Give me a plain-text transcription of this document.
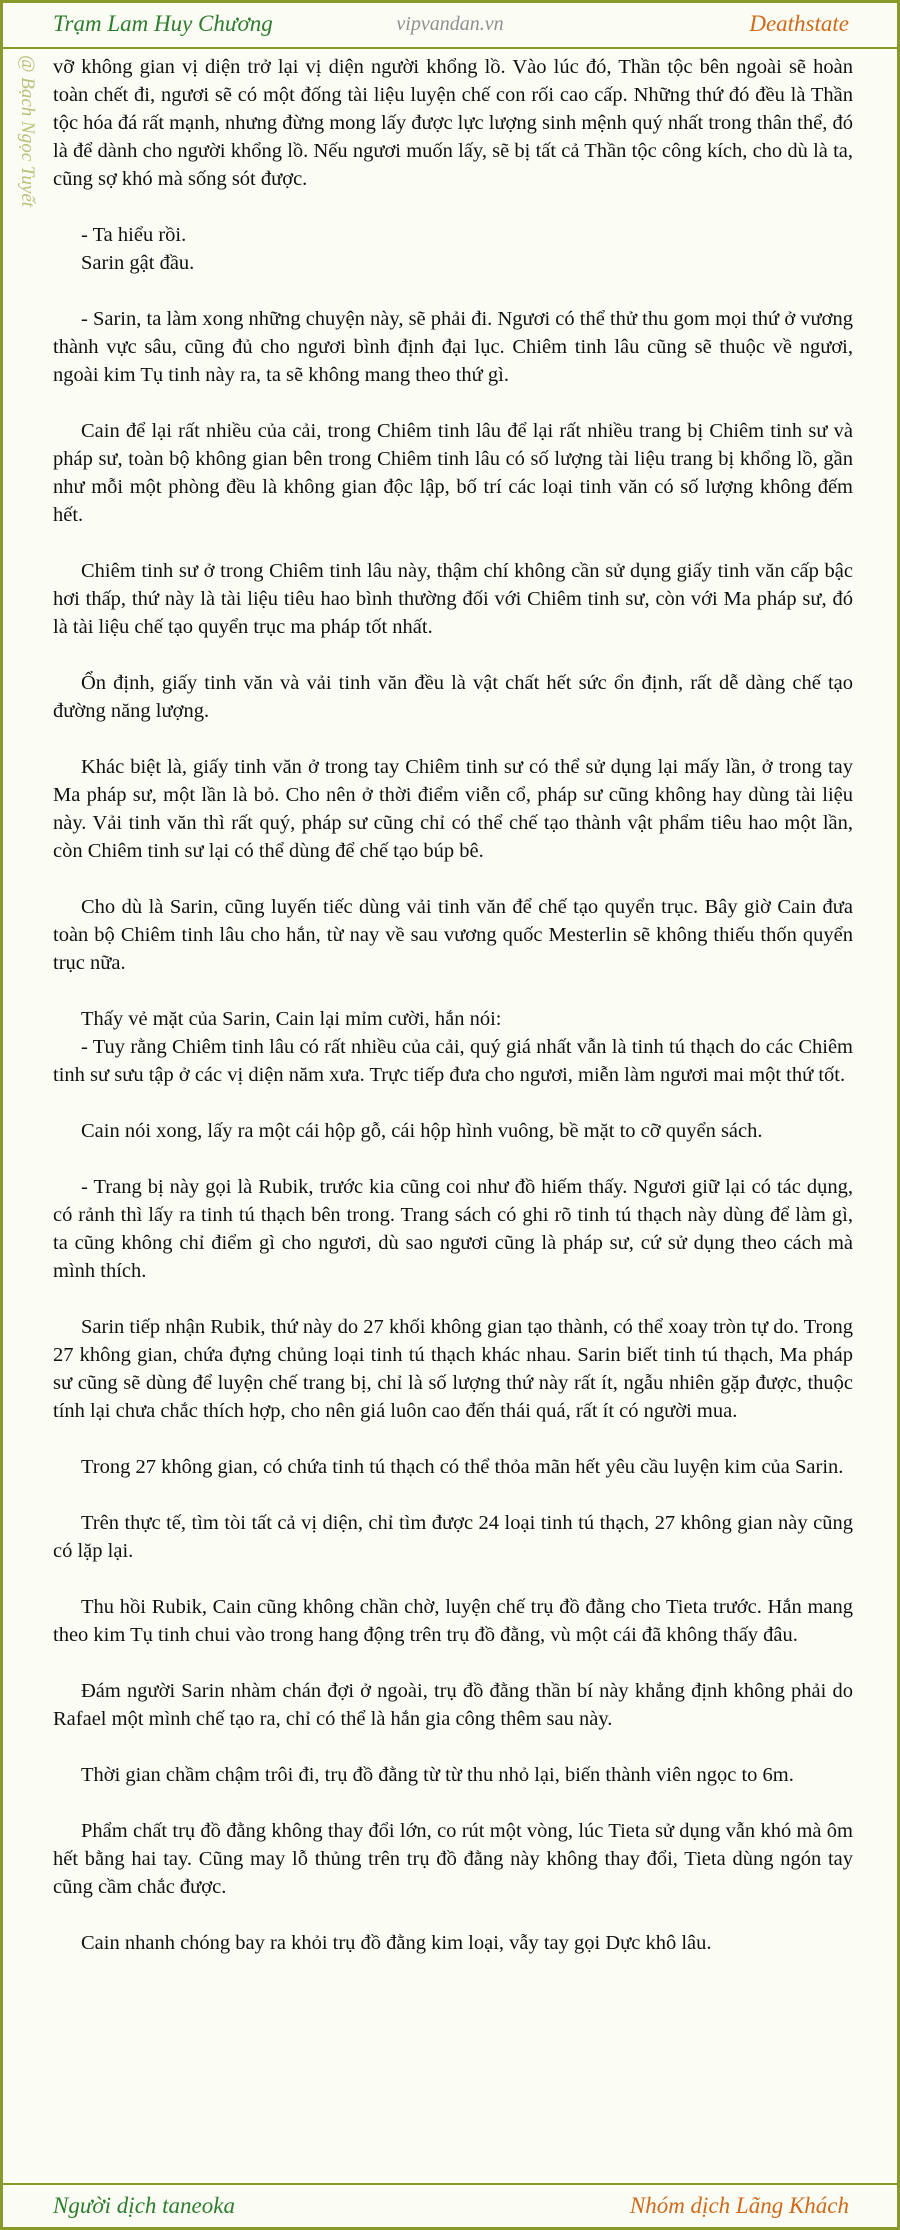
Trạm Lam Huy Chương	vipvandan.vn	Deathstate
@ Bạch Ngọc Tuyết vỡ không gian vị diện trở lại vị diện người khổng lồ. Vào lúc đó, Thần tộc bên ngoài sẽ hoàn toàn chết đi, ngươi sẽ có một đống tài liệu luyện chế con rối cao cấp. Những thứ đó đều là Thần tộc hóa đá rất mạnh, nhưng đừng mong lấy được lực lượng sinh mệnh quý nhất trong thân thể, đó là để dành cho người khổng lồ. Nếu ngươi muốn lấy, sẽ bị tất cả Thần tộc công kích, cho dù là ta, cũng sợ khó mà sống sót được.

- Ta hiểu rồi.

Sarin gật đầu.

- Sarin, ta làm xong những chuyện này, sẽ phải đi. Ngươi có thể thử thu gom mọi thứ ở vương thành vực sâu, cũng đủ cho ngươi bình định đại lục. Chiêm tinh lâu cũng sẽ thuộc về ngươi, ngoài kim Tụ tinh này ra, ta sẽ không mang theo thứ gì.

Cain để lại rất nhiều của cải, trong Chiêm tinh lâu để lại rất nhiều trang bị Chiêm tinh sư và pháp sư, toàn bộ không gian bên trong Chiêm tinh lâu có số lượng tài liệu trang bị khổng lồ, gần như mỗi một phòng đều là không gian độc lập, bố trí các loại tinh văn có số lượng không đếm hết.

Chiêm tinh sư ở trong Chiêm tinh lâu này, thậm chí không cần sử dụng giấy tinh văn cấp bậc hơi thấp, thứ này là tài liệu tiêu hao bình thường đối với Chiêm tinh sư, còn với Ma pháp sư, đó là tài liệu chế tạo quyển trục ma pháp tốt nhất.

Ổn định, giấy tinh văn và vải tinh văn đều là vật chất hết sức ổn định, rất dễ dàng chế tạo đường năng lượng.

Khác biệt là, giấy tinh văn ở trong tay Chiêm tinh sư có thể sử dụng lại mấy lần, ở trong tay Ma pháp sư, một lần là bỏ. Cho nên ở thời điểm viễn cổ, pháp sư cũng không hay dùng tài liệu này. Vải tinh văn thì rất quý, pháp sư cũng chỉ có thể chế tạo thành vật phẩm tiêu hao một lần, còn Chiêm tinh sư lại có thể dùng để chế tạo búp bê.

Cho dù là Sarin, cũng luyến tiếc dùng vải tinh văn để chế tạo quyển trục. Bây giờ Cain đưa toàn bộ Chiêm tinh lâu cho hắn, từ nay về sau vương quốc Mesterlin sẽ không thiếu thốn quyển trục nữa.

Thấy vẻ mặt của Sarin, Cain lại mỉm cười, hắn nói:

- Tuy rằng Chiêm tinh lâu có rất nhiều của cải, quý giá nhất vẫn là tinh tú thạch do các Chiêm tinh sư sưu tập ở các vị diện năm xưa. Trực tiếp đưa cho ngươi, miễn làm ngươi mai một thứ tốt.

Cain nói xong, lấy ra một cái hộp gỗ, cái hộp hình vuông, bề mặt to cỡ quyển sách.

- Trang bị này gọi là Rubik, trước kia cũng coi như đồ hiếm thấy. Ngươi giữ lại có tác dụng, có rảnh thì lấy ra tinh tú thạch bên trong. Trang sách có ghi rõ tinh tú thạch này dùng để làm gì, ta cũng không chỉ điểm gì cho ngươi, dù sao ngươi cũng là pháp sư, cứ sử dụng theo cách mà mình thích.

Sarin tiếp nhận Rubik, thứ này do 27 khối không gian tạo thành, có thể xoay tròn tự do. Trong 27 không gian, chứa đựng chủng loại tinh tú thạch khác nhau. Sarin biết tinh tú thạch, Ma pháp sư cũng sẽ dùng để luyện chế trang bị, chỉ là số lượng thứ này rất ít, ngẫu nhiên gặp được, thuộc tính lại chưa chắc thích hợp, cho nên giá luôn cao đến thái quá, rất ít có người mua.

Trong 27 không gian, có chứa tinh tú thạch có thể thỏa mãn hết yêu cầu luyện kim của Sarin.

Trên thực tế, tìm tòi tất cả vị diện, chỉ tìm được 24 loại tinh tú thạch, 27 không gian này cũng có lặp lại.

Thu hồi Rubik, Cain cũng không chần chờ, luyện chế trụ đồ đằng cho Tieta trước. Hắn mang theo kim Tụ tinh chui vào trong hang động trên trụ đồ đằng, vù một cái đã không thấy đâu.

Đám người Sarin nhàm chán đợi ở ngoài, trụ đồ đằng thần bí này khẳng định không phải do Rafael một mình chế tạo ra, chỉ có thể là hắn gia công thêm sau này.

Thời gian chầm chậm trôi đi, trụ đồ đằng từ từ thu nhỏ lại, biến thành viên ngọc to 6m.

Phẩm chất trụ đồ đằng không thay đổi lớn, co rút một vòng, lúc Tieta sử dụng vẫn khó mà ôm hết bằng hai tay. Cũng may lỗ thủng trên trụ đồ đằng này không thay đổi, Tieta dùng ngón tay cũng cầm chắc được.

Cain nhanh chóng bay ra khỏi trụ đồ đằng kim loại, vẫy tay gọi Dực khô lâu.

Người dịch taneoka	Nhóm dịch Lãng Khách
